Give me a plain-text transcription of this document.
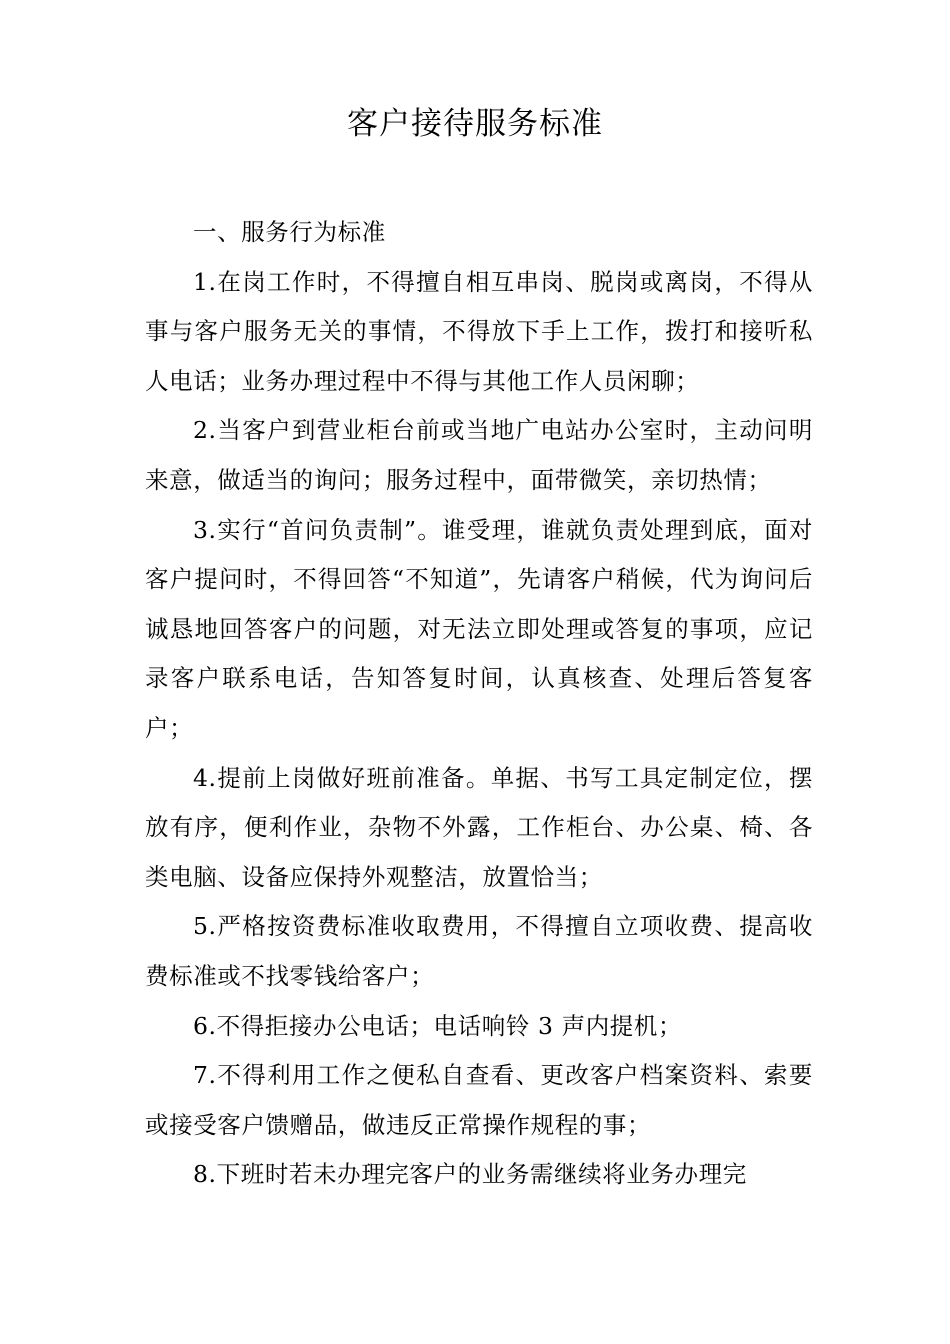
客户接待服务标准

一、服务行为标准

1.在岗工作时，不得擅自相互串岗、脱岗或离岗，不得从事与客户服务无关的事情，不得放下手上工作，拨打和接听私人电话；业务办理过程中不得与其他工作人员闲聊；

2.当客户到营业柜台前或当地广电站办公室时，主动问明来意，做适当的询问；服务过程中，面带微笑，亲切热情；

3.实行“首问负责制”。谁受理，谁就负责处理到底，面对客户提问时，不得回答“不知道”，先请客户稍候，代为询问后诚恳地回答客户的问题，对无法立即处理或答复的事项，应记录客户联系电话，告知答复时间，认真核查、处理后答复客户；

4.提前上岗做好班前准备。单据、书写工具定制定位，摆放有序，便利作业，杂物不外露，工作柜台、办公桌、椅、各类电脑、设备应保持外观整洁，放置恰当；

5.严格按资费标准收取费用，不得擅自立项收费、提高收费标准或不找零钱给客户；

6.不得拒接办公电话；电话响铃 3 声内提机；

7.不得利用工作之便私自查看、更改客户档案资料、索要或接受客户馈赠品，做违反正常操作规程的事；

8.下班时若未办理完客户的业务需继续将业务办理完
